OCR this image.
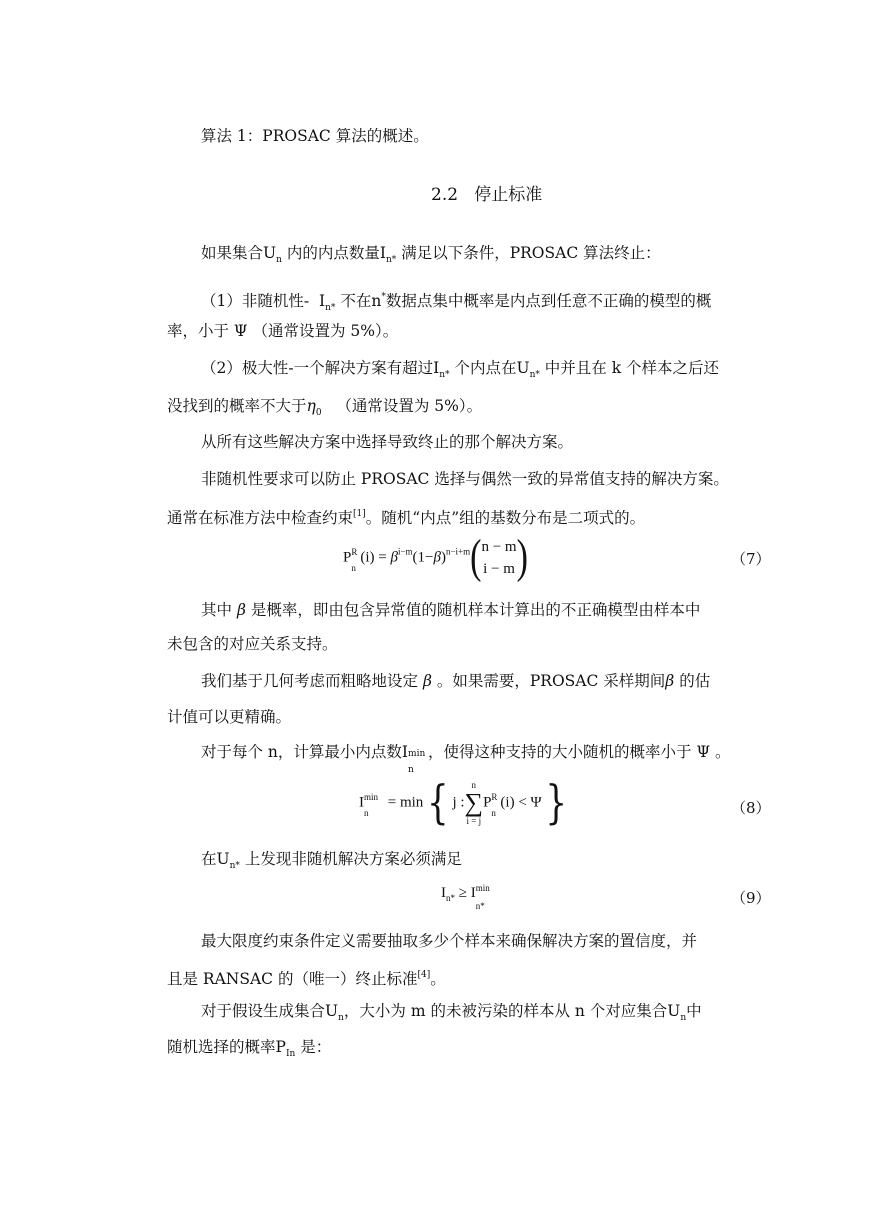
算法 1：PROSAC 算法的概述。
2.2 停止标准
如果集合$U_n$ 内的内点数量$I_{n*}$ 满足以下条件，PROSAC 算法终止：
（1）非随机性- $I_{n*}$ 不在n*数据点集中概率是内点到任意不正确的模型的概
率，小于 Ψ （通常设置为 5%）。
（2）极大性-一个解决方案有超过$I_{n*}$ 个内点在$U_{n*}$ 中并且在 k 个样本之后还
没找到的概率不大于$\eta_0$ （通常设置为 5%）。
从所有这些解决方案中选择导致终止的那个解决方案。
非随机性要求可以防止 PROSAC 选择与偶然一致的异常值支持的解决方案。
通常在标准方法中检查约束[1]。随机“内点”组的基数分布是二项式的。
P R
n
$(i) = \beta^{i-m}(1-\beta)^{n-i+m}(n - m$
i − m)	（7）
其中 β 是概率，即由包含异常值的随机样本计算出的不正确模型由样本中
未包含的对应关系支持。
我们基于几何考虑而粗略地设定 β 。如果需要，PROSAC 采样期间β 的估
计值可以更精确。
对于每个 n，计算最小内点数I min
n
，使得这种支持的大小随机的概率小于 Ψ 。
I min
n
= min { j :
n
∑
i = j
P R
n
(i) < Ψ }	（8）
在$U_{n*}$ 上发现非随机解决方案必须满足
$I_{n*} \ge I$ min
n*	（9）
最大限度约束条件定义需要抽取多少个样本来确保解决方案的置信度，并
且是 RANSAC 的（唯一）终止标准[4]。
对于假设生成集合$U_n$，大小为 m 的未被污染的样本从 n 个对应集合$U_n$中
随机选择的概率$P_{In}$ 是：
